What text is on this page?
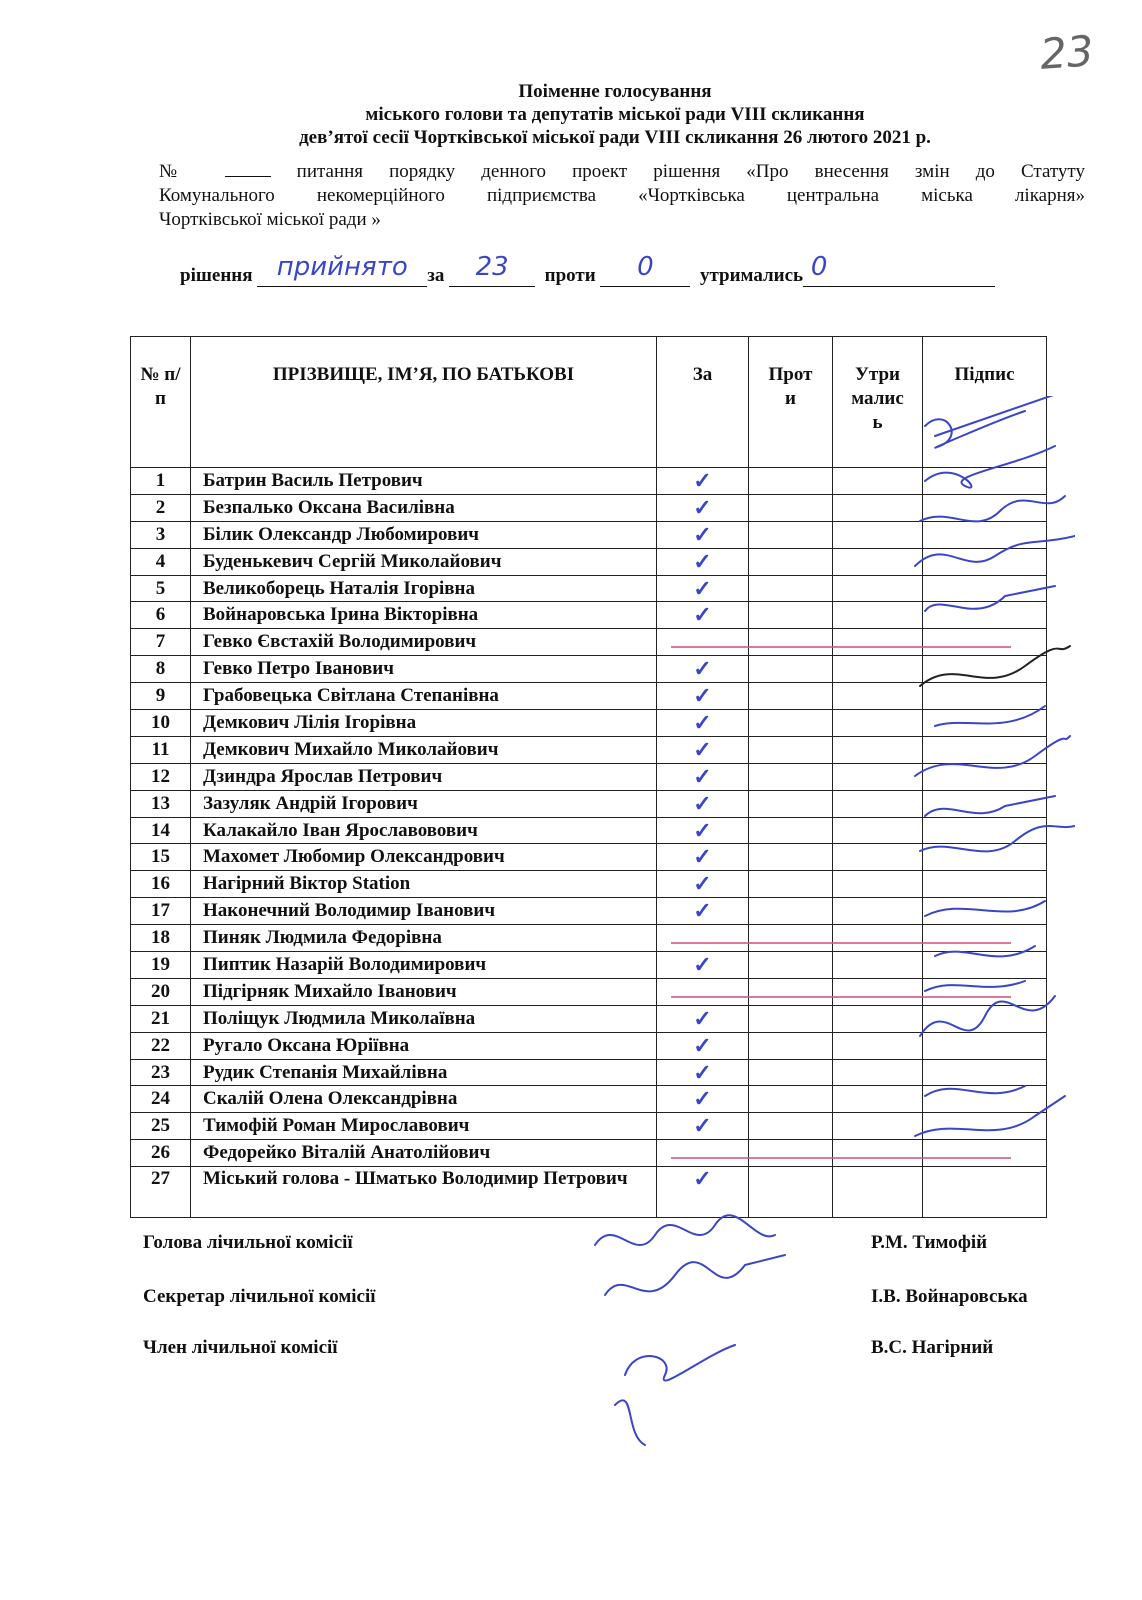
23
Поіменне голосування
міського голови та депутатів міської ради VIII скликання
дев’ятої сесії Чортківської міської ради VIII скликання 26 лютого 2021 р.
№	питання порядку денного проект рішення «Про внесення змін до Статуту
Комунального некомерційного підприємства «Чортківська центральна міська лікарня»
Чортківської міської ради »
рішення прийнято за 23 проти 0 утримались 0
№ п/п	ПРІЗВИЩЕ, ІМ’Я, ПО БАТЬКОВІ	За	Прот и	Утри малис ь	Підпис
1	Батрин Василь Петрович	✓			
2	Безпалько Оксана Василівна	✓			
3	Білик Олександр Любомирович	✓			
4	Буденькевич Сергій Миколайович	✓			
5	Великоборець Наталія Ігорівна	✓			
6	Войнаровська Ірина Вікторівна	✓			
7	Гевко Євстахій Володимирович				
8	Гевко Петро Іванович	✓			
9	Грабовецька Світлана Степанівна	✓			
10	Демкович Лілія Ігорівна	✓			
11	Демкович Михайло Миколайович	✓			
12	Дзиндра Ярослав Петрович	✓			
13	Зазуляк Андрій Ігорович	✓			
14	Калакайло Іван Ярославовович	✓			
15	Махомет Любомир Олександрович	✓			
16	Нагірний Віктор Station	✓			
17	Наконечний Володимир Іванович	✓			
18	Пиняк Людмила Федорівна				
19	Пиптик Назарій Володимирович	✓			
20	Підгірняк Михайло Іванович				
21	Поліщук Людмила Миколаївна	✓			
22	Ругало Оксана Юріївна	✓			
23	Рудик Степанія Михайлівна	✓			
24	Скалій Олена Олександрівна	✓			
25	Тимофій Роман Мирославович	✓			
26	Федорейко Віталій Анатолійович				
27	Міський голова - Шматько Володимир Петрович	✓			
Голова лічильної комісії	Р.М. Тимофій
Секретар лічильної комісії	І.В. Войнаровська
Член лічильної комісії	В.С. Нагірний
